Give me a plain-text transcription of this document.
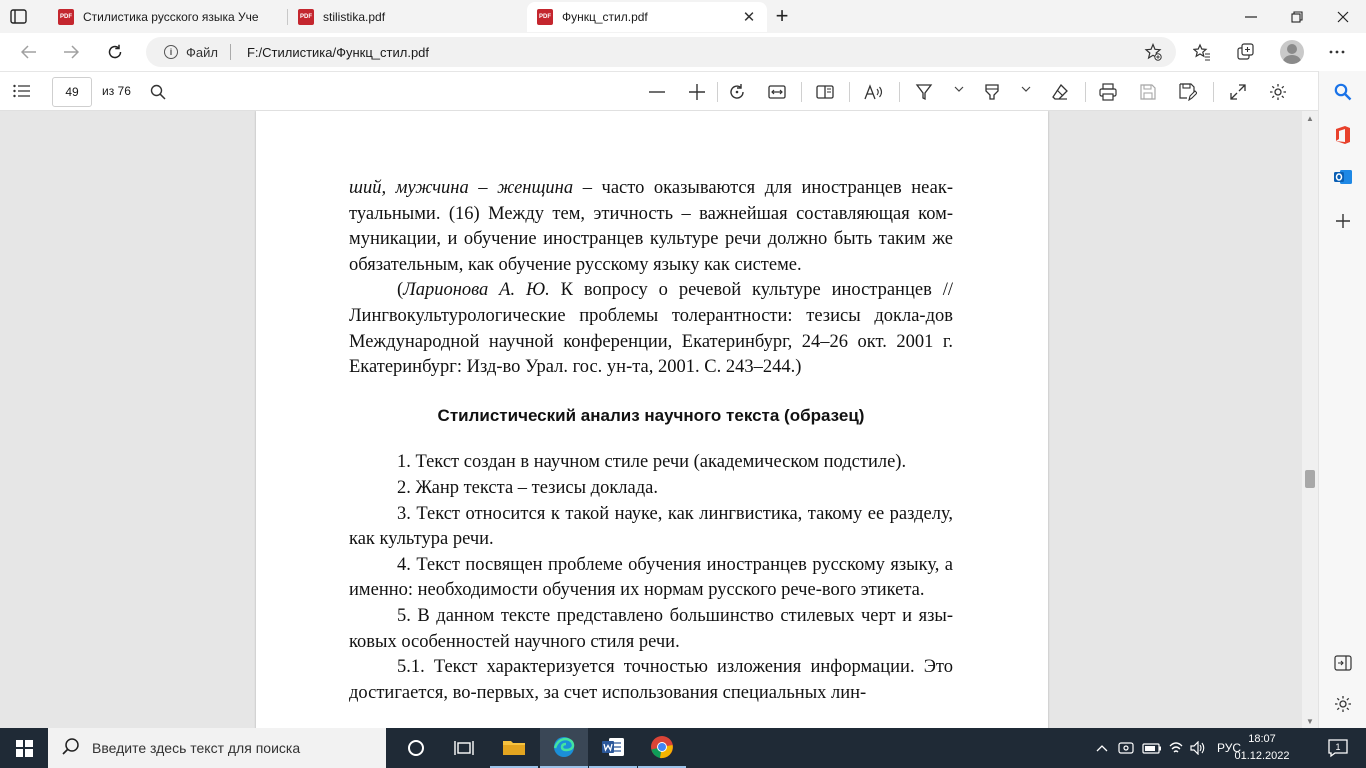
PDF Стилистика русского языка Уче	PDF stilistika.pdf	PDF Функц_стил.pdf	✕ +
i	Файл F:/Стилистика/Функц_стил.pdf
49	из 76

ший, мужчина – женщина – часто оказываются для иностранцев неак-туальными. (16) Между тем, этичность – важнейшая составляющая ком-муникации, и обучение иностранцев культуре речи должно быть таким же обязательным, как обучение русскому языку как системе.

(Ларионова А. Ю. К вопросу о речевой культуре иностранцев // Лингвокультурологические проблемы толерантности: тезисы докла-дов Международной научной конференции, Екатеринбург, 24–26 окт. 2001 г. Екатеринбург: Изд-во Урал. гос. ун-та, 2001. С. 243–244.)

Стилистический анализ научного текста (образец)

1. Текст создан в научном стиле речи (академическом подстиле).

2. Жанр текста – тезисы доклада.

3. Текст относится к такой науке, как лингвистика, такому ее разделу, как культура речи.

4. Текст посвящен проблеме обучения иностранцев русскому языку, а именно: необходимости обучения их нормам русского рече-вого этикета.

5. В данном тексте представлено большинство стилевых черт и язы-ковых особенностей научного стиля речи.

5.1. Текст характеризуется точностью изложения информации. Это достигается, во-первых, за счет использования специальных лин-

▲
▼
Введите здесь текст для поиска	РУС
18:07
01.12.2022
1
